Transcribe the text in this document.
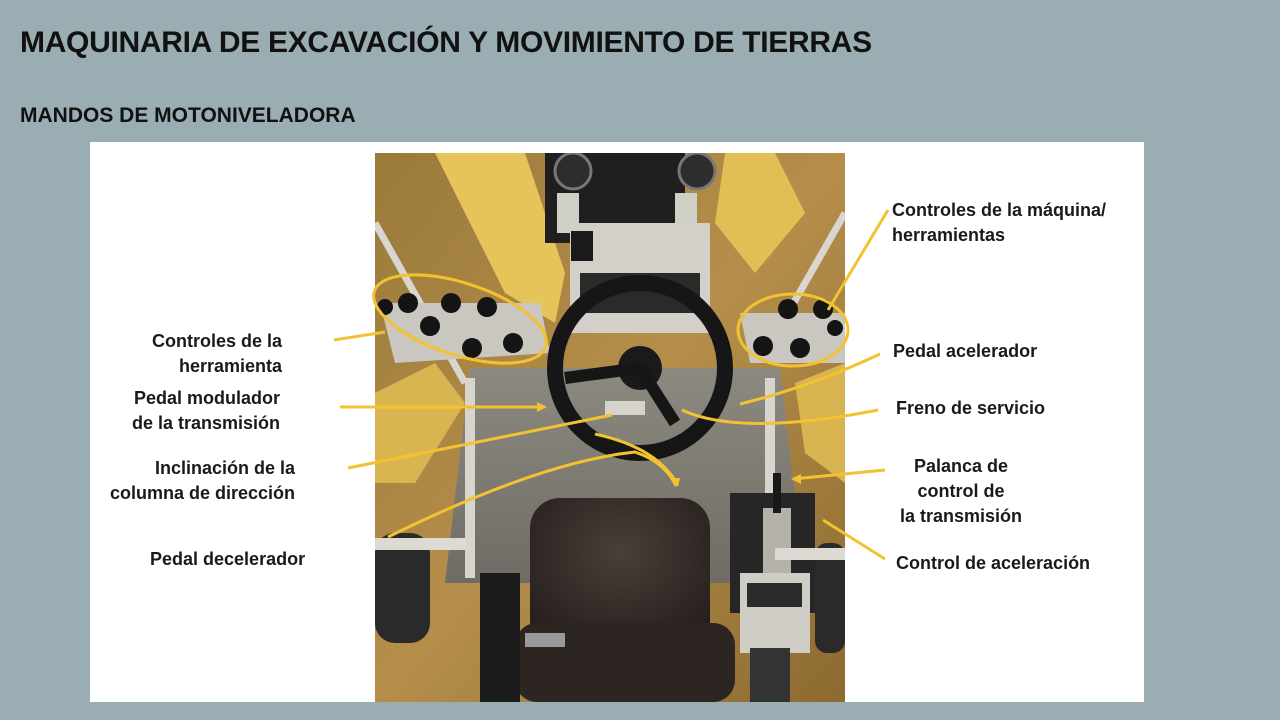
MAQUINARIA DE EXCAVACIÓN Y MOVIMIENTO DE TIERRAS
MANDOS DE MOTONIVELADORA
Controles de la
herramienta
Pedal modulador
de la transmisión
Inclinación de la
columna de dirección
Pedal decelerador
Controles de la máquina/
herramientas
Pedal acelerador
Freno de servicio
Palanca de
control de
la transmisión
Control de aceleración
